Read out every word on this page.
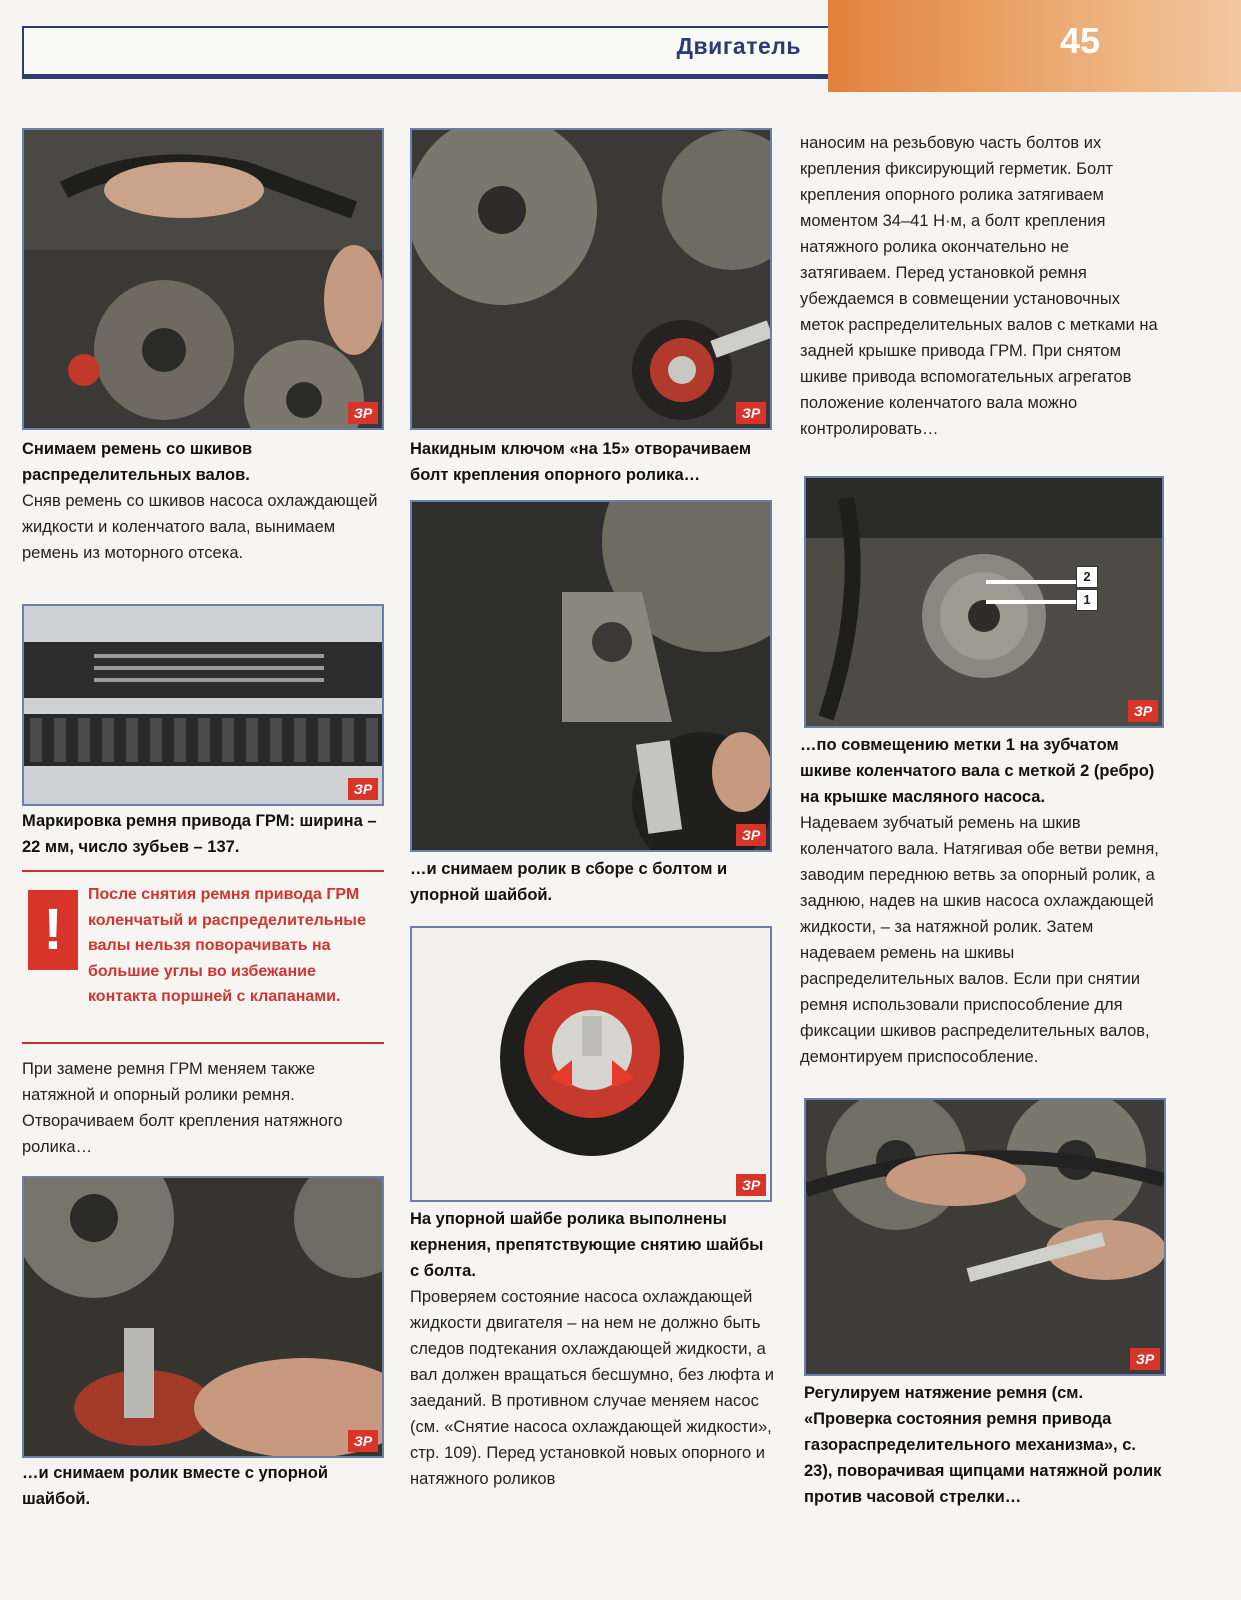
Двигатель	45
ЗР
Снимаем ремень со шкивов распределительных валов.
Сняв ремень со шкивов насоса охлаждающей жидкости и коленчатого вала, вынимаем ремень из моторного отсека.
ЗР
Маркировка ремня привода ГРМ: ширина – 22 мм, число зубьев – 137.
!
После снятия ремня привода ГРМ коленчатый и распределительные валы нельзя поворачивать на большие углы во избежание контакта поршней с клапанами.
При замене ремня ГРМ меняем также натяжной и опорный ролики ремня. Отворачиваем болт крепления натяжного ролика…
ЗР
…и снимаем ролик вместе с упорной шайбой.
ЗР
Накидным ключом «на 15» отворачиваем болт крепления опорного ролика…
ЗР
…и снимаем ролик в сборе с болтом и упорной шайбой.
ЗР
На упорной шайбе ролика выполнены кернения, препятствующие снятию шайбы с болта.
Проверяем состояние насоса охлаждающей жидкости двигателя – на нем не должно быть следов подтекания охлаждающей жидкости, а вал должен вращаться бесшумно, без люфта и заеданий. В противном случае меняем насос (см. «Снятие насоса охлаждающей жидкости», стр. 109). Перед установкой новых опорного и натяжного роликов
наносим на резьбовую часть болтов их крепления фиксирующий герметик. Болт крепления опорного ролика затягиваем моментом 34–41 Н·м, а болт крепления натяжного ролика окончательно не затягиваем. Перед установкой ремня убеждаемся в совмещении установочных меток распределительных валов с метками на задней крышке привода ГРМ. При снятом шкиве привода вспомогательных агрегатов положение коленчатого вала можно контролировать…
2
1
ЗР
…по совмещению метки 1 на зубчатом шкиве коленчатого вала с меткой 2 (ребро) на крышке масляного насоса.
Надеваем зубчатый ремень на шкив коленчатого вала. Натягивая обе ветви ремня, заводим переднюю ветвь за опорный ролик, а заднюю, надев на шкив насоса охлаждающей жидкости, – за натяжной ролик. Затем надеваем ремень на шкивы распределительных валов. Если при снятии ремня использовали приспособление для фиксации шкивов распределительных валов, демонтируем приспособление.
ЗР
Регулируем натяжение ремня (см. «Проверка состояния ремня привода газораспределительного механизма», с. 23), поворачивая щипцами натяжной ролик против часовой стрелки…
